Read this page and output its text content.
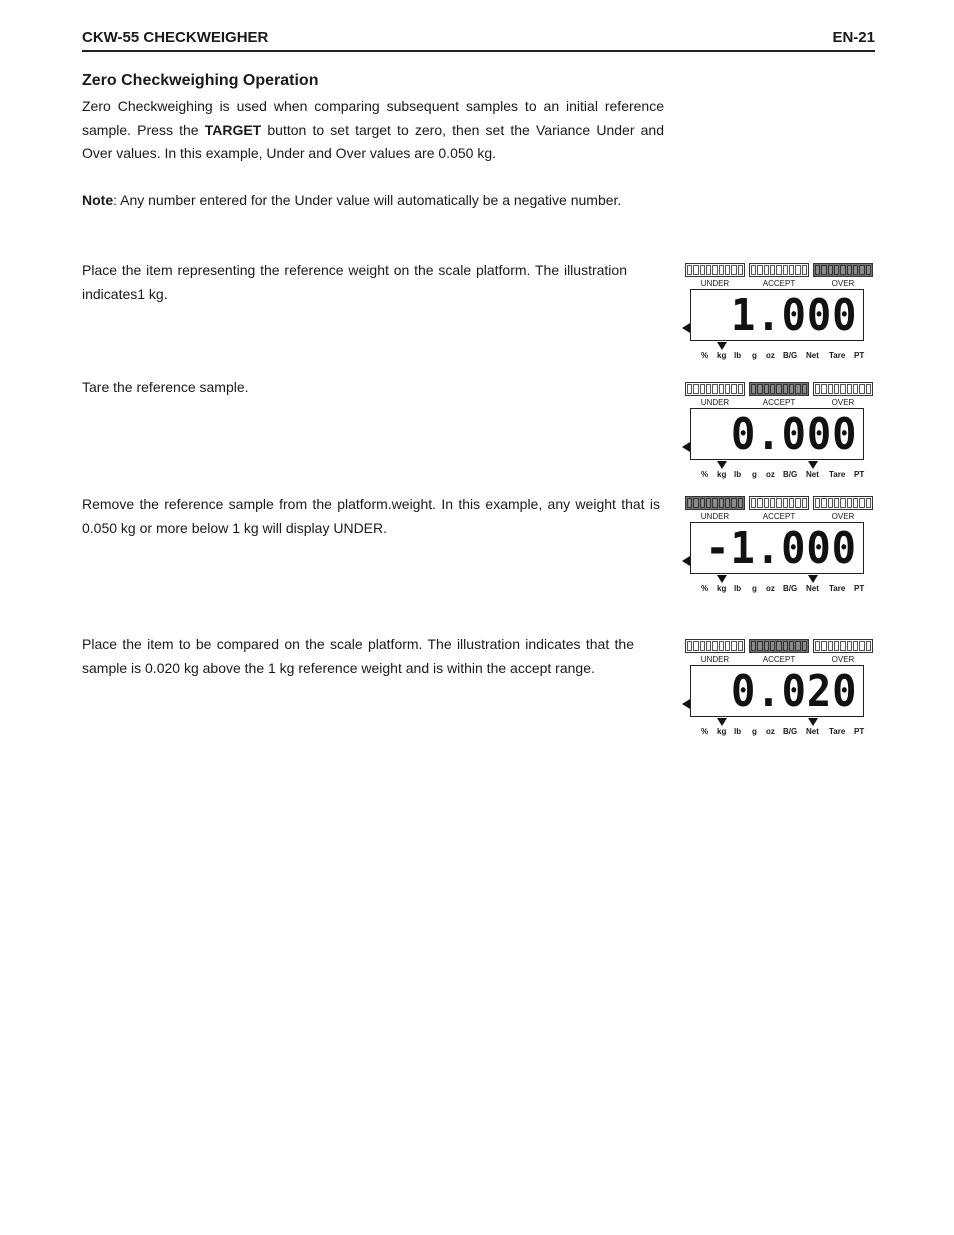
CKW-55 CHECKWEIGHER	EN-21
Zero Checkweighing Operation

Zero Checkweighing is used when comparing subsequent samples to an initial reference sample. Press the TARGET button to set target to zero, then set the Variance Under and Over values. In this example, Under and Over values are 0.050 kg.

Note: Any number entered for the Under value will automatically be a negative number.

Place the item representing the reference weight on the scale platform. The illustration indicates1 kg.

Tare the reference sample.

Remove the reference sample from the platform.weight. In this example, any weight that is 0.050 kg or more below 1 kg will display UNDER.

Place the item to be compared on the scale platform. The illustration indicates that the sample is 0.020 kg above the 1 kg reference weight and is within the accept range.

UNDER	ACCEPT	OVER
1.000
% kg lb g oz B/G Net Tare PT
UNDER	ACCEPT	OVER
0.000
% kg lb g oz B/G Net Tare PT
UNDER	ACCEPT	OVER
-1.000
% kg lb g oz B/G Net Tare PT
UNDER	ACCEPT	OVER
0.020
% kg lb g oz B/G Net Tare PT
